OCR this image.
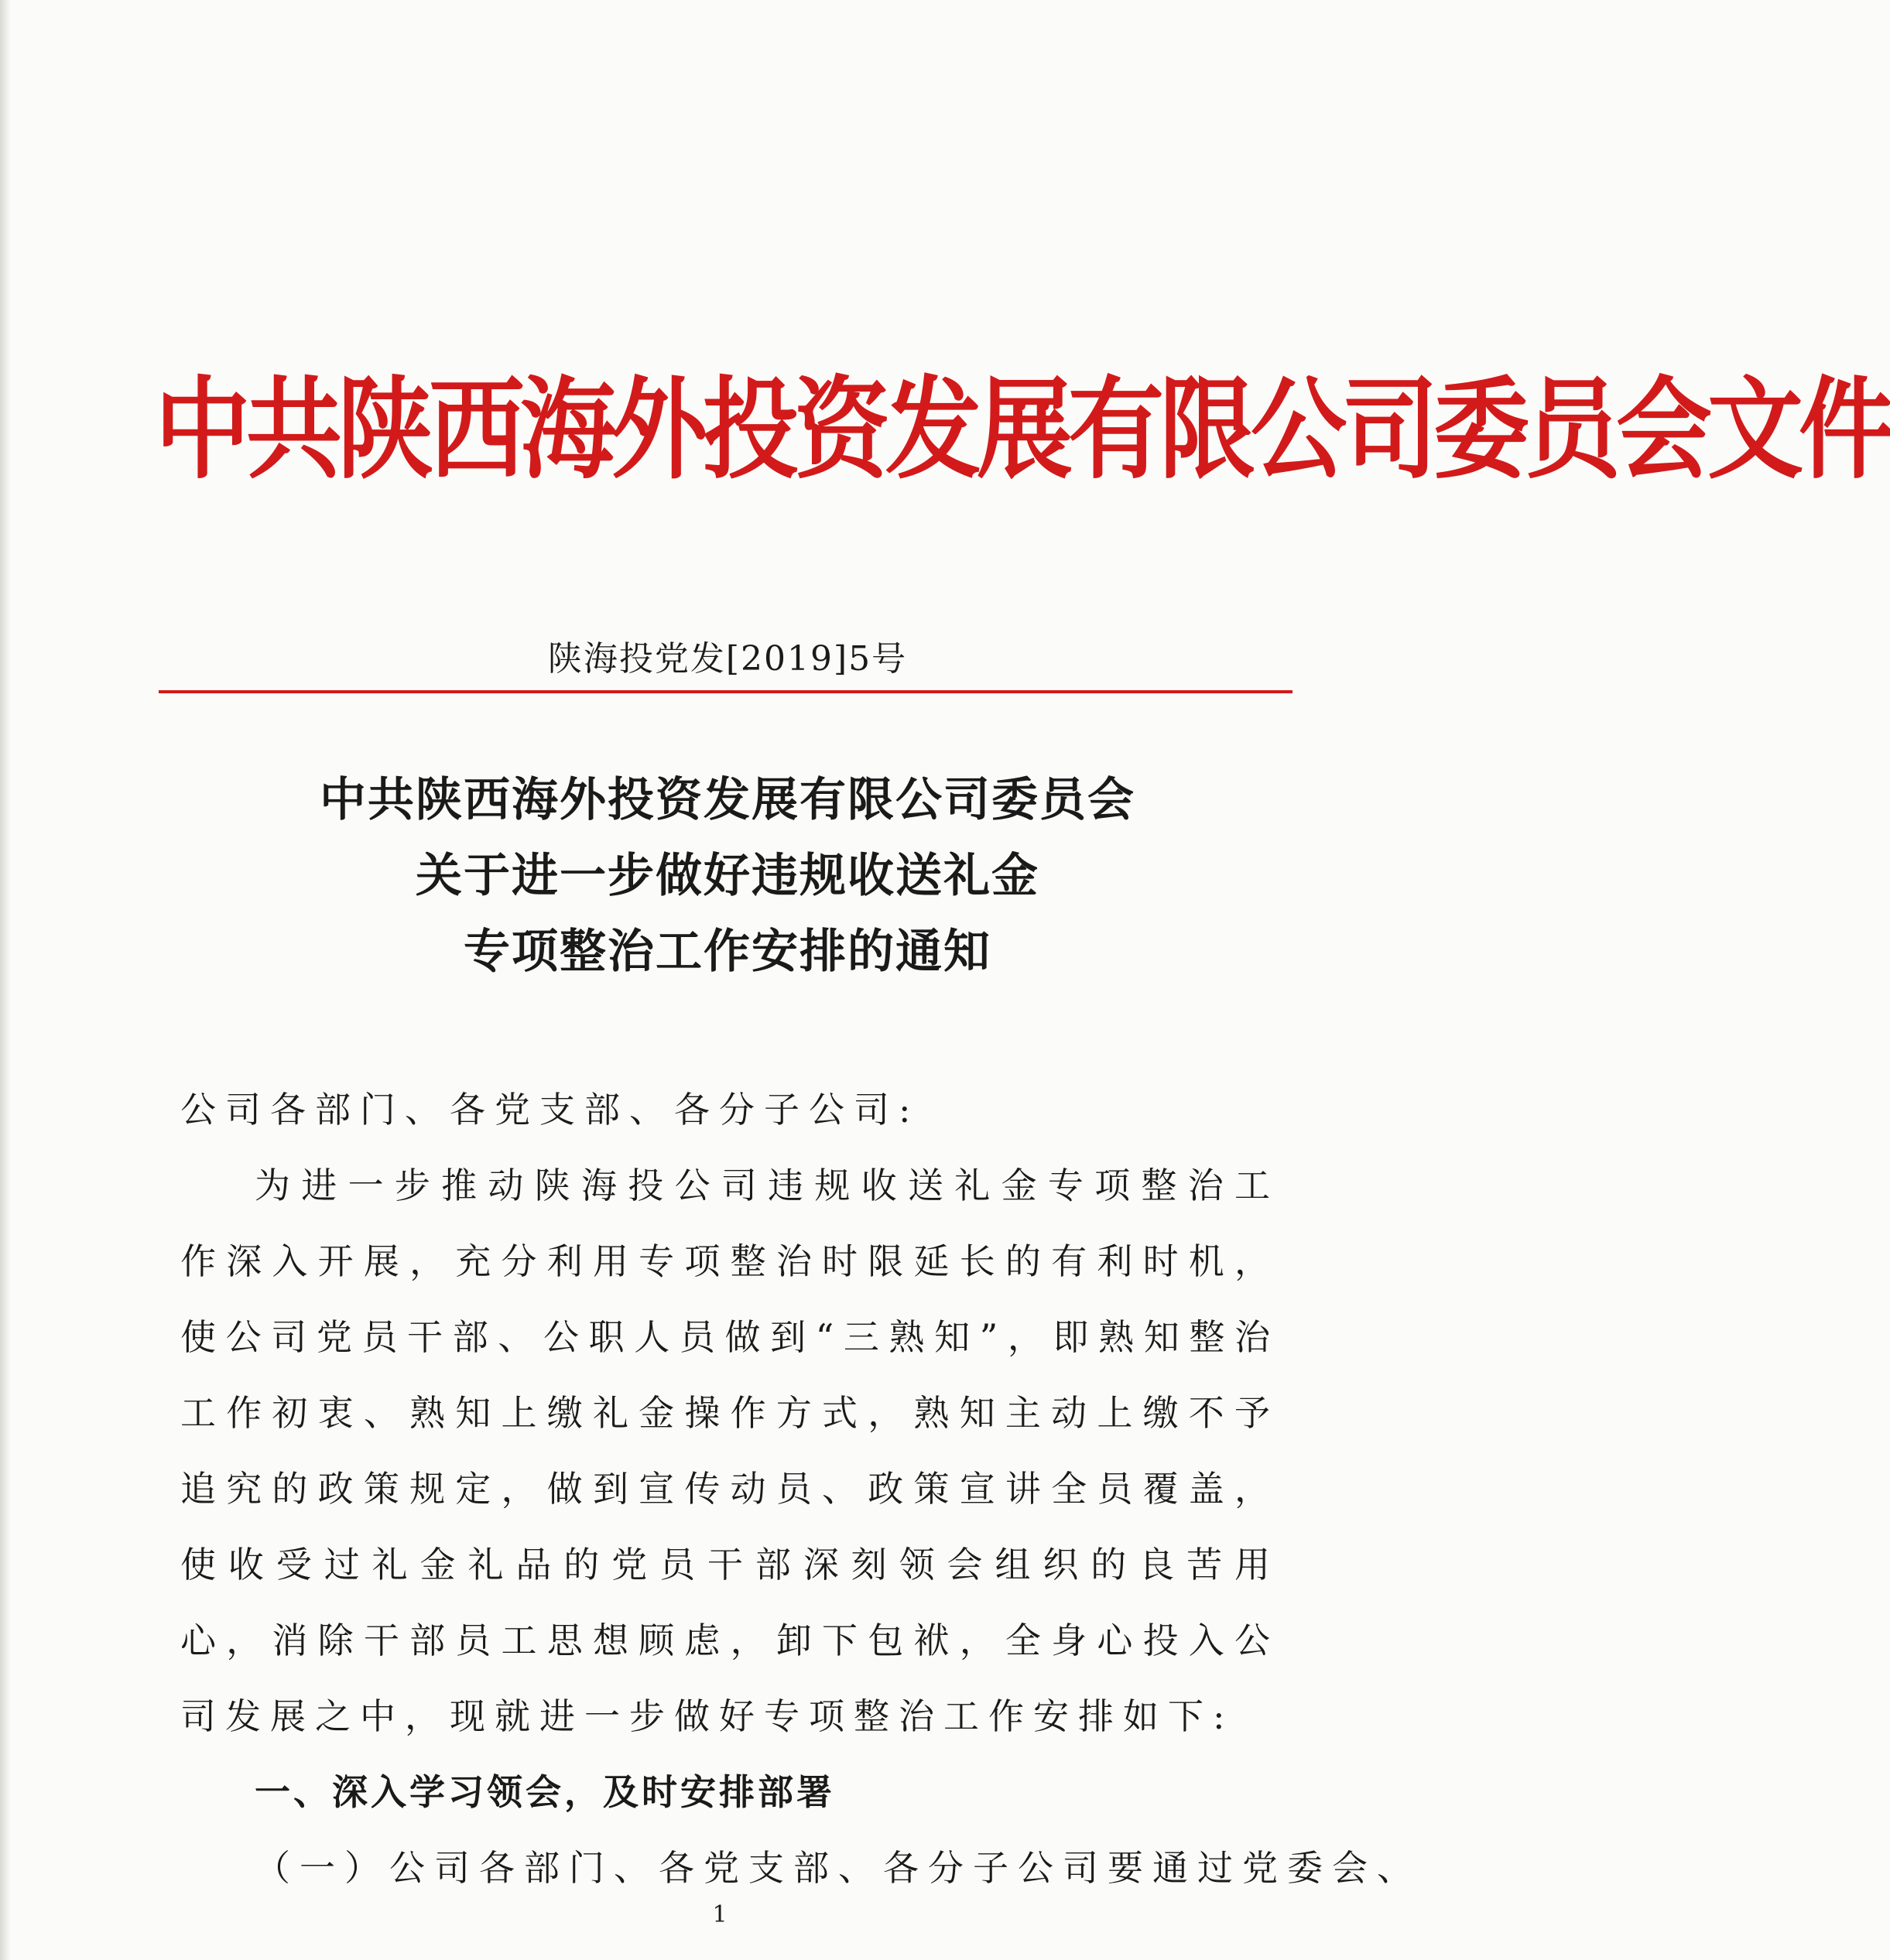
中共陕西海外投资发展有限公司委员会文件
陕海投党发[2019]5号
中共陕西海外投资发展有限公司委员会
关于进一步做好违规收送礼金
专项整治工作安排的通知

公司各部门、各党支部、各分子公司:

为进一步推动陕海投公司违规收送礼金专项整治工作深入开展，充分利用专项整治时限延长的有利时机，使公司党员干部、公职人员做到“三熟知”，即熟知整治工作初衷、熟知上缴礼金操作方式，熟知主动上缴不予追究的政策规定，做到宣传动员、政策宣讲全员覆盖，使收受过礼金礼品的党员干部深刻领会组织的良苦用心，消除干部员工思想顾虑，卸下包袱，全身心投入公司发展之中，现就进一步做好专项整治工作安排如下:

一、深入学习领会，及时安排部署

（一）公司各部门、各党支部、各分子公司要通过党委会、

1
